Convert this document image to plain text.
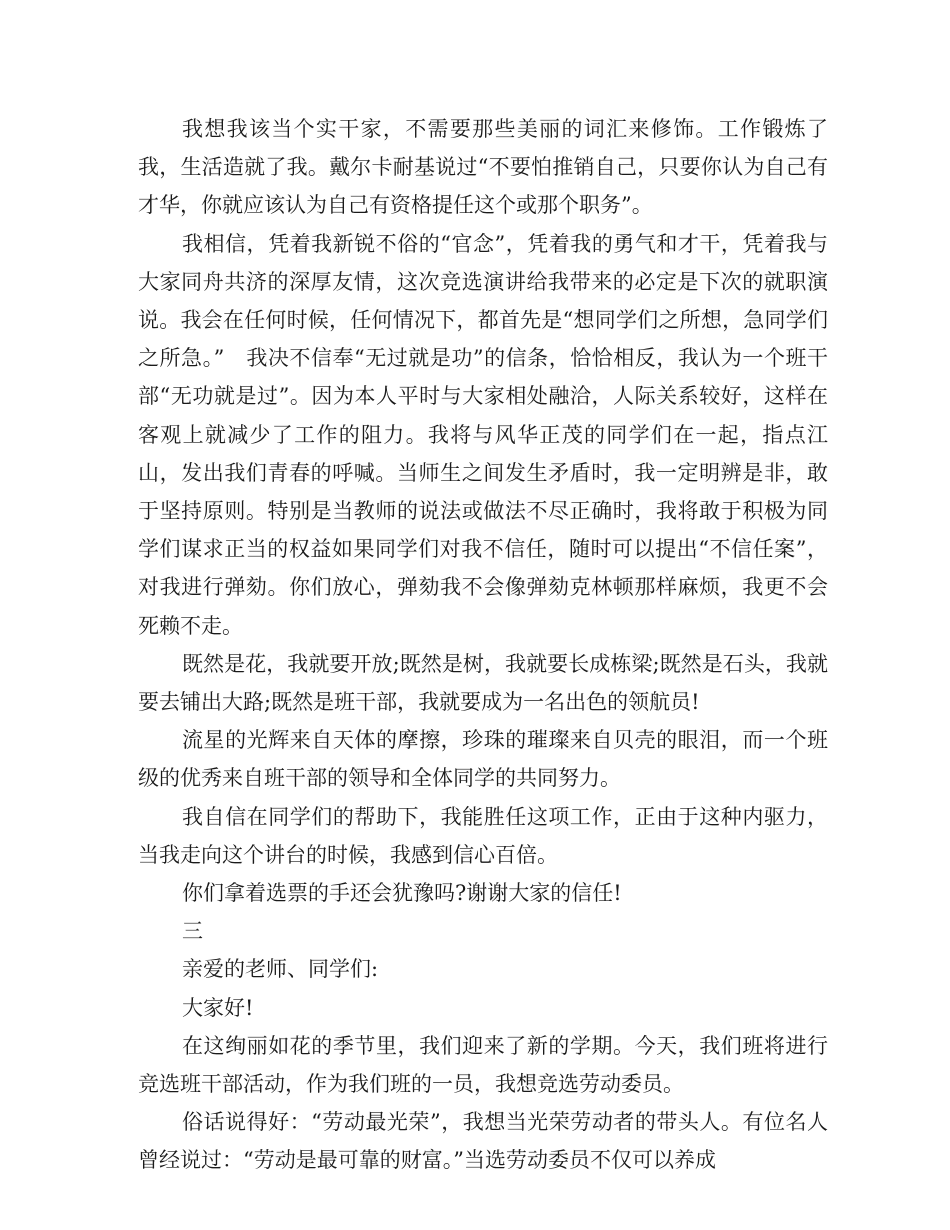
我想我该当个实干家，不需要那些美丽的词汇来修饰。工作锻炼了我，生活造就了我。戴尔卡耐基说过“不要怕推销自己，只要你认为自己有才华，你就应该认为自己有资格提任这个或那个职务”。

我相信，凭着我新锐不俗的“官念”，凭着我的勇气和才干，凭着我与大家同舟共济的深厚友情，这次竞选演讲给我带来的必定是下次的就职演说。我会在任何时候，任何情况下，都首先是“想同学们之所想，急同学们之所急。”　我决不信奉“无过就是功”的信条，恰恰相反，我认为一个班干部“无功就是过”。因为本人平时与大家相处融洽，人际关系较好，这样在客观上就减少了工作的阻力。我将与风华正茂的同学们在一起，指点江山，发出我们青春的呼喊。当师生之间发生矛盾时，我一定明辨是非，敢于坚持原则。特别是当教师的说法或做法不尽正确时，我将敢于积极为同学们谋求正当的权益如果同学们对我不信任，随时可以提出“不信任案”，对我进行弹劾。你们放心，弹劾我不会像弹劾克林顿那样麻烦，我更不会死赖不走。

既然是花，我就要开放;既然是树，我就要长成栋梁;既然是石头，我就要去铺出大路;既然是班干部，我就要成为一名出色的领航员!

流星的光辉来自天体的摩擦，珍珠的璀璨来自贝壳的眼泪，而一个班级的优秀来自班干部的领导和全体同学的共同努力。

我自信在同学们的帮助下，我能胜任这项工作，正由于这种内驱力，当我走向这个讲台的时候，我感到信心百倍。

你们拿着选票的手还会犹豫吗?谢谢大家的信任!

三

亲爱的老师、同学们:

大家好!

在这绚丽如花的季节里，我们迎来了新的学期。今天，我们班将进行竞选班干部活动，作为我们班的一员，我想竞选劳动委员。

俗话说得好：“劳动最光荣”，我想当光荣劳动者的带头人。有位名人曾经说过：“劳动是最可靠的财富。”当选劳动委员不仅可以养成
